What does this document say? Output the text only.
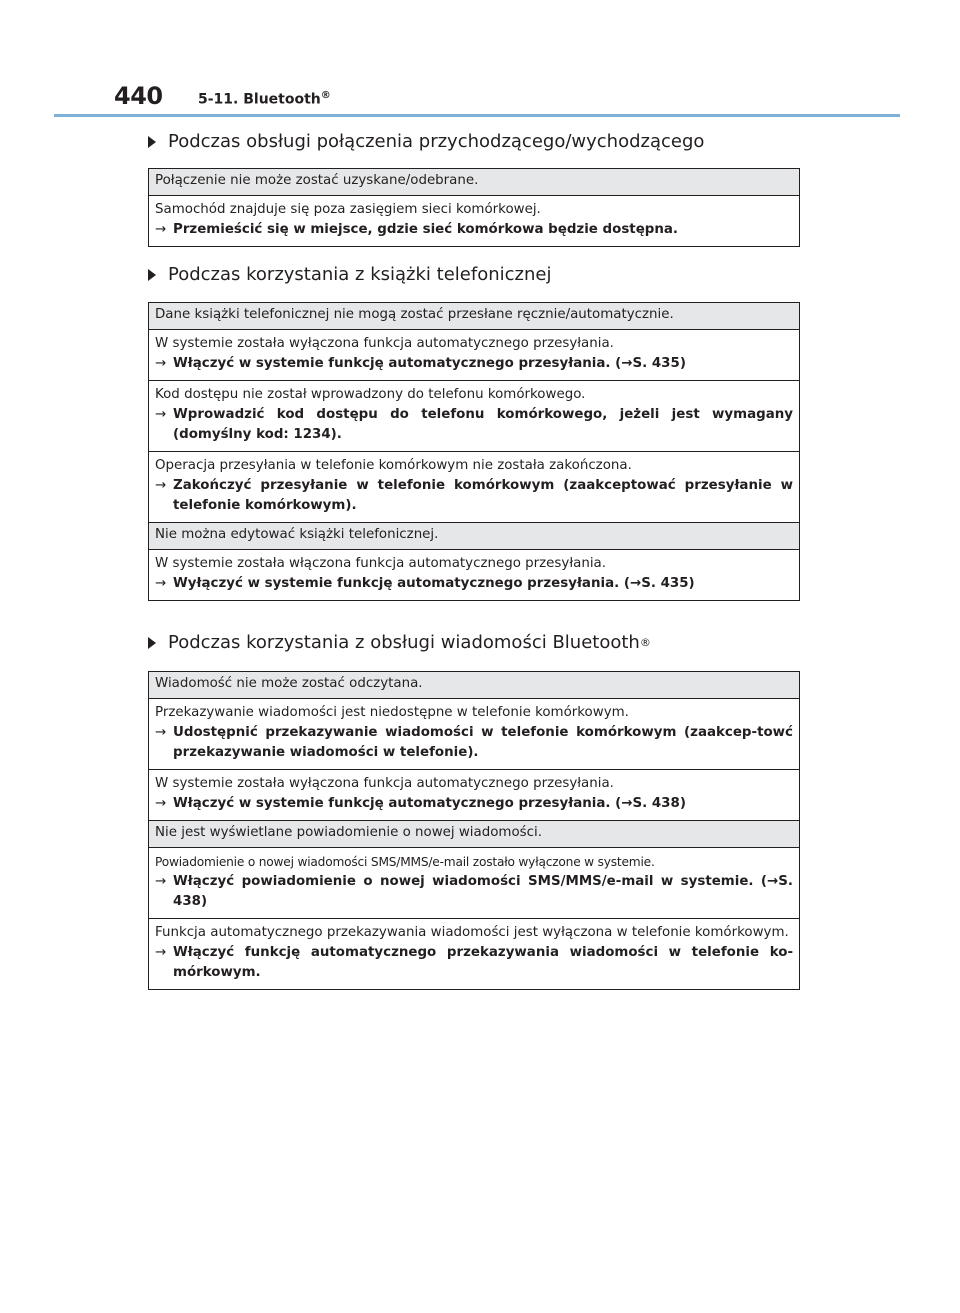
440	5-11. Bluetooth®
Podczas obsługi połączenia przychodzącego/wychodzącego
Połączenie nie może zostać uzyskane/odebrane.

Samochód znajduje się poza zasięgiem sieci komórkowej.
→ Przemieścić się w miejsce, gdzie sieć komórkowa będzie dostępna.
Podczas korzystania z książki telefonicznej
Dane książki telefonicznej nie mogą zostać przesłane ręcznie/automatycznie.

W systemie została wyłączona funkcja automatycznego przesyłania.
→ Włączyć w systemie funkcję automatycznego przesyłania. (→S. 435)

Kod dostępu nie został wprowadzony do telefonu komórkowego.
→ Wprowadzić kod dostępu do telefonu komórkowego, jeżeli jest wymagany (domyślny kod: 1234).

Operacja przesyłania w telefonie komórkowym nie została zakończona.
→ Zakończyć przesyłanie w telefonie komórkowym (zaakceptować przesyłanie w telefonie komórkowym).

Nie można edytować książki telefonicznej.

W systemie została włączona funkcja automatycznego przesyłania.
→ Wyłączyć w systemie funkcję automatycznego przesyłania. (→S. 435)
Podczas korzystania z obsługi wiadomości Bluetooth ®
Wiadomość nie może zostać odczytana.

Przekazywanie wiadomości jest niedostępne w telefonie komórkowym.
→ Udostępnić przekazywanie wiadomości w telefonie komórkowym (zaakcep-towć przekazywanie wiadomości w telefonie).

W systemie została wyłączona funkcja automatycznego przesyłania.
→ Włączyć w systemie funkcję automatycznego przesyłania. (→S. 438)

Nie jest wyświetlane powiadomienie o nowej wiadomości.

Powiadomienie o nowej wiadomości SMS/MMS/e-mail zostało wyłączone w systemie.
→ Włączyć powiadomienie o nowej wiadomości SMS/MMS/e-mail w systemie. (→S. 438)

Funkcja automatycznego przekazywania wiadomości jest wyłączona w telefonie komórkowym.
→ Włączyć funkcję automatycznego przekazywania wiadomości w telefonie ko-mórkowym.
